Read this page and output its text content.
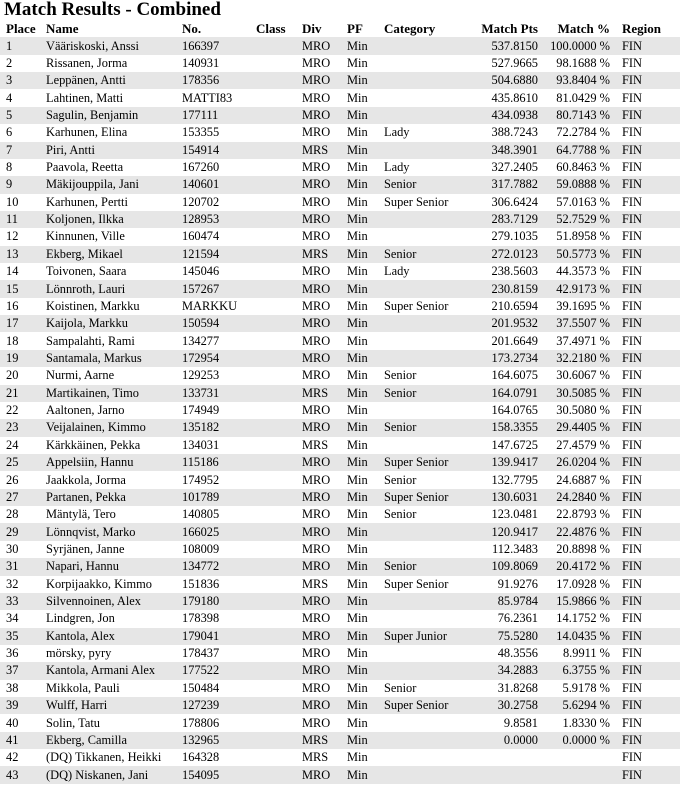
Match Results - Combined
Place	Name	No.	Class	Div	PF	Category	Match Pts	Match %	Region
1	Vääriskoski, Anssi	166397		MRO	Min		537.8150	100.0000 %	FIN
2	Rissanen, Jorma	140931		MRO	Min		527.9665	98.1688 %	FIN
3	Leppänen, Antti	178356		MRO	Min		504.6880	93.8404 %	FIN
4	Lahtinen, Matti	MATTI83		MRO	Min		435.8610	81.0429 %	FIN
5	Sagulin, Benjamin	177111		MRO	Min		434.0938	80.7143 %	FIN
6	Karhunen, Elina	153355		MRO	Min	Lady	388.7243	72.2784 %	FIN
7	Piri, Antti	154914		MRS	Min		348.3901	64.7788 %	FIN
8	Paavola, Reetta	167260		MRO	Min	Lady	327.2405	60.8463 %	FIN
9	Mäkijouppila, Jani	140601		MRO	Min	Senior	317.7882	59.0888 %	FIN
10	Karhunen, Pertti	120702		MRO	Min	Super Senior	306.6424	57.0163 %	FIN
11	Koljonen, Ilkka	128953		MRO	Min		283.7129	52.7529 %	FIN
12	Kinnunen, Ville	160474		MRO	Min		279.1035	51.8958 %	FIN
13	Ekberg, Mikael	121594		MRS	Min	Senior	272.0123	50.5773 %	FIN
14	Toivonen, Saara	145046		MRO	Min	Lady	238.5603	44.3573 %	FIN
15	Lönnroth, Lauri	157267		MRO	Min		230.8159	42.9173 %	FIN
16	Koistinen, Markku	MARKKU		MRO	Min	Super Senior	210.6594	39.1695 %	FIN
17	Kaijola, Markku	150594		MRO	Min		201.9532	37.5507 %	FIN
18	Sampalahti, Rami	134277		MRO	Min		201.6649	37.4971 %	FIN
19	Santamala, Markus	172954		MRO	Min		173.2734	32.2180 %	FIN
20	Nurmi, Aarne	129253		MRO	Min	Senior	164.6075	30.6067 %	FIN
21	Martikainen, Timo	133731		MRS	Min	Senior	164.0791	30.5085 %	FIN
22	Aaltonen, Jarno	174949		MRO	Min		164.0765	30.5080 %	FIN
23	Veijalainen, Kimmo	135182		MRO	Min	Senior	158.3355	29.4405 %	FIN
24	Kärkkäinen, Pekka	134031		MRS	Min		147.6725	27.4579 %	FIN
25	Appelsiin, Hannu	115186		MRO	Min	Super Senior	139.9417	26.0204 %	FIN
26	Jaakkola, Jorma	174952		MRO	Min	Senior	132.7795	24.6887 %	FIN
27	Partanen, Pekka	101789		MRO	Min	Super Senior	130.6031	24.2840 %	FIN
28	Mäntylä, Tero	140805		MRO	Min	Senior	123.0481	22.8793 %	FIN
29	Lönnqvist, Marko	166025		MRO	Min		120.9417	22.4876 %	FIN
30	Syrjänen, Janne	108009		MRO	Min		112.3483	20.8898 %	FIN
31	Napari, Hannu	134772		MRO	Min	Senior	109.8069	20.4172 %	FIN
32	Korpijaakko, Kimmo	151836		MRS	Min	Super Senior	91.9276	17.0928 %	FIN
33	Silvennoinen, Alex	179180		MRO	Min		85.9784	15.9866 %	FIN
34	Lindgren, Jon	178398		MRO	Min		76.2361	14.1752 %	FIN
35	Kantola, Alex	179041		MRO	Min	Super Junior	75.5280	14.0435 %	FIN
36	mörsky, pyry	178437		MRO	Min		48.3556	8.9911 %	FIN
37	Kantola, Armani Alex	177522		MRO	Min		34.2883	6.3755 %	FIN
38	Mikkola, Pauli	150484		MRO	Min	Senior	31.8268	5.9178 %	FIN
39	Wulff, Harri	127239		MRO	Min	Super Senior	30.2758	5.6294 %	FIN
40	Solin, Tatu	178806		MRO	Min		9.8581	1.8330 %	FIN
41	Ekberg, Camilla	132965		MRS	Min		0.0000	0.0000 %	FIN
42	(DQ) Tikkanen, Heikki	164328		MRS	Min				FIN
43	(DQ) Niskanen, Jani	154095		MRO	Min				FIN
